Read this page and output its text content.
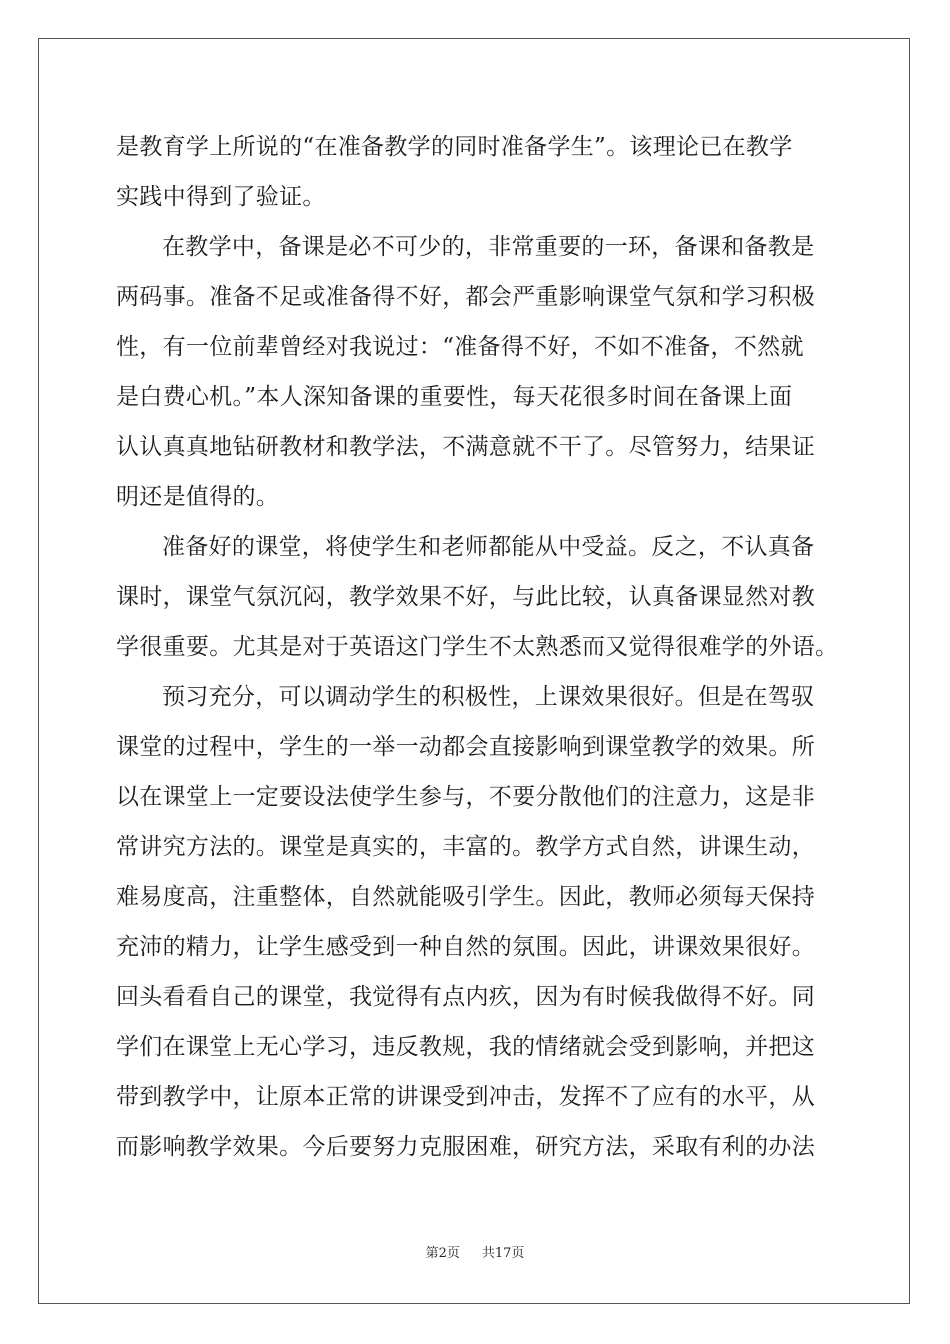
是教育学上所说的“在准备教学的同时准备学生”。该理论已在教学
实践中得到了验证。
在教学中，备课是必不可少的，非常重要的一环，备课和备教是
两码事。准备不足或准备得不好，都会严重影响课堂气氛和学习积极
性，有一位前辈曾经对我说过：“准备得不好，不如不准备，不然就
是白费心机。”本人深知备课的重要性，每天花很多时间在备课上面
认认真真地钻研教材和教学法，不满意就不干了。尽管努力，结果证
明还是值得的。
准备好的课堂，将使学生和老师都能从中受益。反之，不认真备
课时，课堂气氛沉闷，教学效果不好，与此比较，认真备课显然对教
学很重要。尤其是对于英语这门学生不太熟悉而又觉得很难学的外语。
预习充分，可以调动学生的积极性，上课效果很好。但是在驾驭
课堂的过程中，学生的一举一动都会直接影响到课堂教学的效果。所
以在课堂上一定要设法使学生参与，不要分散他们的注意力，这是非
常讲究方法的。课堂是真实的，丰富的。教学方式自然，讲课生动，
难易度高，注重整体，自然就能吸引学生。因此，教师必须每天保持
充沛的精力，让学生感受到一种自然的氛围。因此，讲课效果很好。
回头看看自己的课堂，我觉得有点内疚，因为有时候我做得不好。同
学们在课堂上无心学习，违反教规，我的情绪就会受到影响，并把这
带到教学中，让原本正常的讲课受到冲击，发挥不了应有的水平，从
而影响教学效果。今后要努力克服困难，研究方法，采取有利的办法
第2页 共17页
